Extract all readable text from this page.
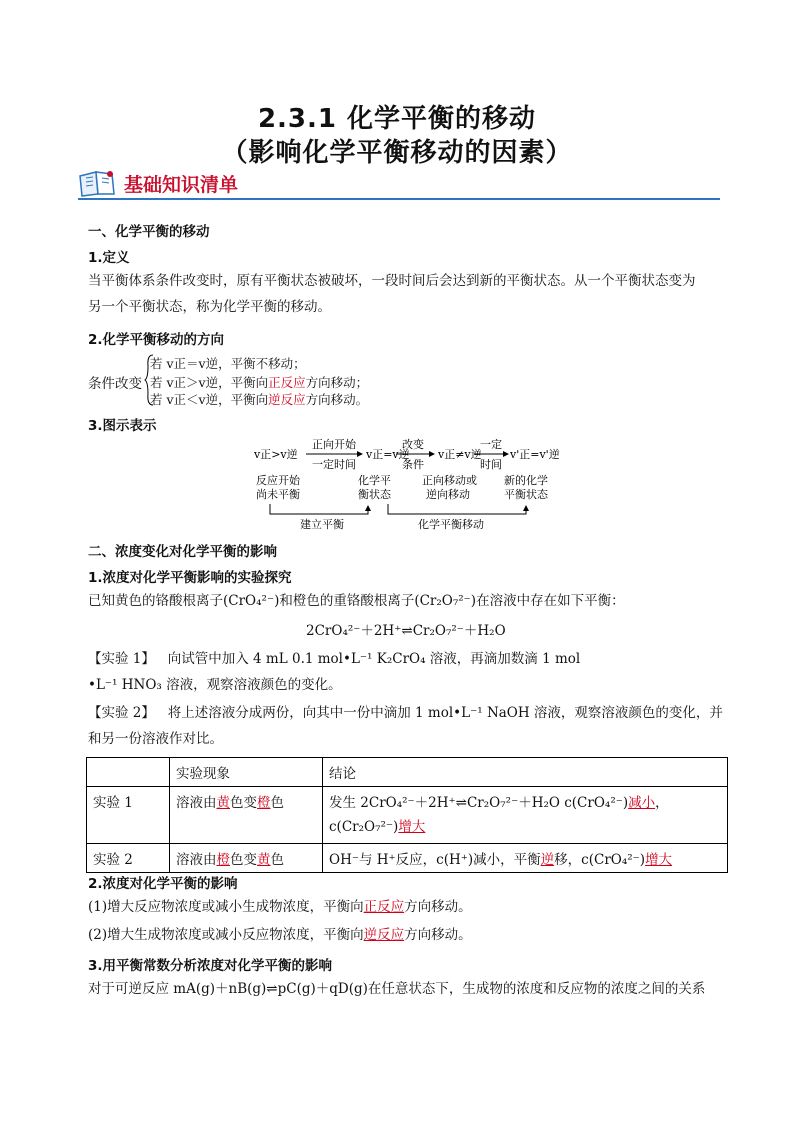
2.3.1 化学平衡的移动
（影响化学平衡移动的因素）
基础知识清单
一、化学平衡的移动
1.定义
当平衡体系条件改变时，原有平衡状态被破坏，一段时间后会达到新的平衡状态。从一个平衡状态变为
另一个平衡状态，称为化学平衡的移动。
2.化学平衡移动的方向
条件改变
若 v正＝v逆，平衡不移动；
若 v正＞v逆，平衡向正反应方向移动；
若 v正＜v逆，平衡向逆反应方向移动。
3.图示表示
v正>v逆
正向开始
一定时间
v正=v逆
改变
条件
v正≠v逆
一定
时间
v'正=v'逆
反应开始
尚未平衡
化学平
衡状态
正向移动或
逆向移动
新的化学
平衡状态
建立平衡	化学平衡移动
二、浓度变化对化学平衡的影响
1.浓度对化学平衡影响的实验探究
已知黄色的铬酸根离子(CrO₄²⁻)和橙色的重铬酸根离子(Cr₂O₇²⁻)在溶液中存在如下平衡：
2CrO₄²⁻＋2H⁺⇌Cr₂O₇²⁻＋H₂O
【实验 1】 向试管中加入 4 mL 0.1 mol•L⁻¹ K₂CrO₄ 溶液，再滴加数滴 1 mol
•L⁻¹ HNO₃ 溶液，观察溶液颜色的变化。
【实验 2】 将上述溶液分成两份，向其中一份中滴加 1 mol•L⁻¹ NaOH 溶液，观察溶液颜色的变化，并
和另一份溶液作对比。
	实验现象	结论
实验 1	溶液由黄色变橙色	发生 2CrO₄²⁻＋2H⁺⇌Cr₂O₇²⁻＋H₂O c(CrO₄²⁻)减小，c(Cr₂O₇²⁻)增大
实验 2	溶液由橙色变黄色	OH⁻与 H⁺反应，c(H⁺)减小，平衡逆移，c(CrO₄²⁻)增大
2.浓度对化学平衡的影响
(1)增大反应物浓度或减小生成物浓度，平衡向正反应方向移动。
(2)增大生成物浓度或减小反应物浓度，平衡向逆反应方向移动。
3.用平衡常数分析浓度对化学平衡的影响
对于可逆反应 mA(g)＋nB(g)⇌pC(g)＋qD(g)在任意状态下，生成物的浓度和反应物的浓度之间的关系
